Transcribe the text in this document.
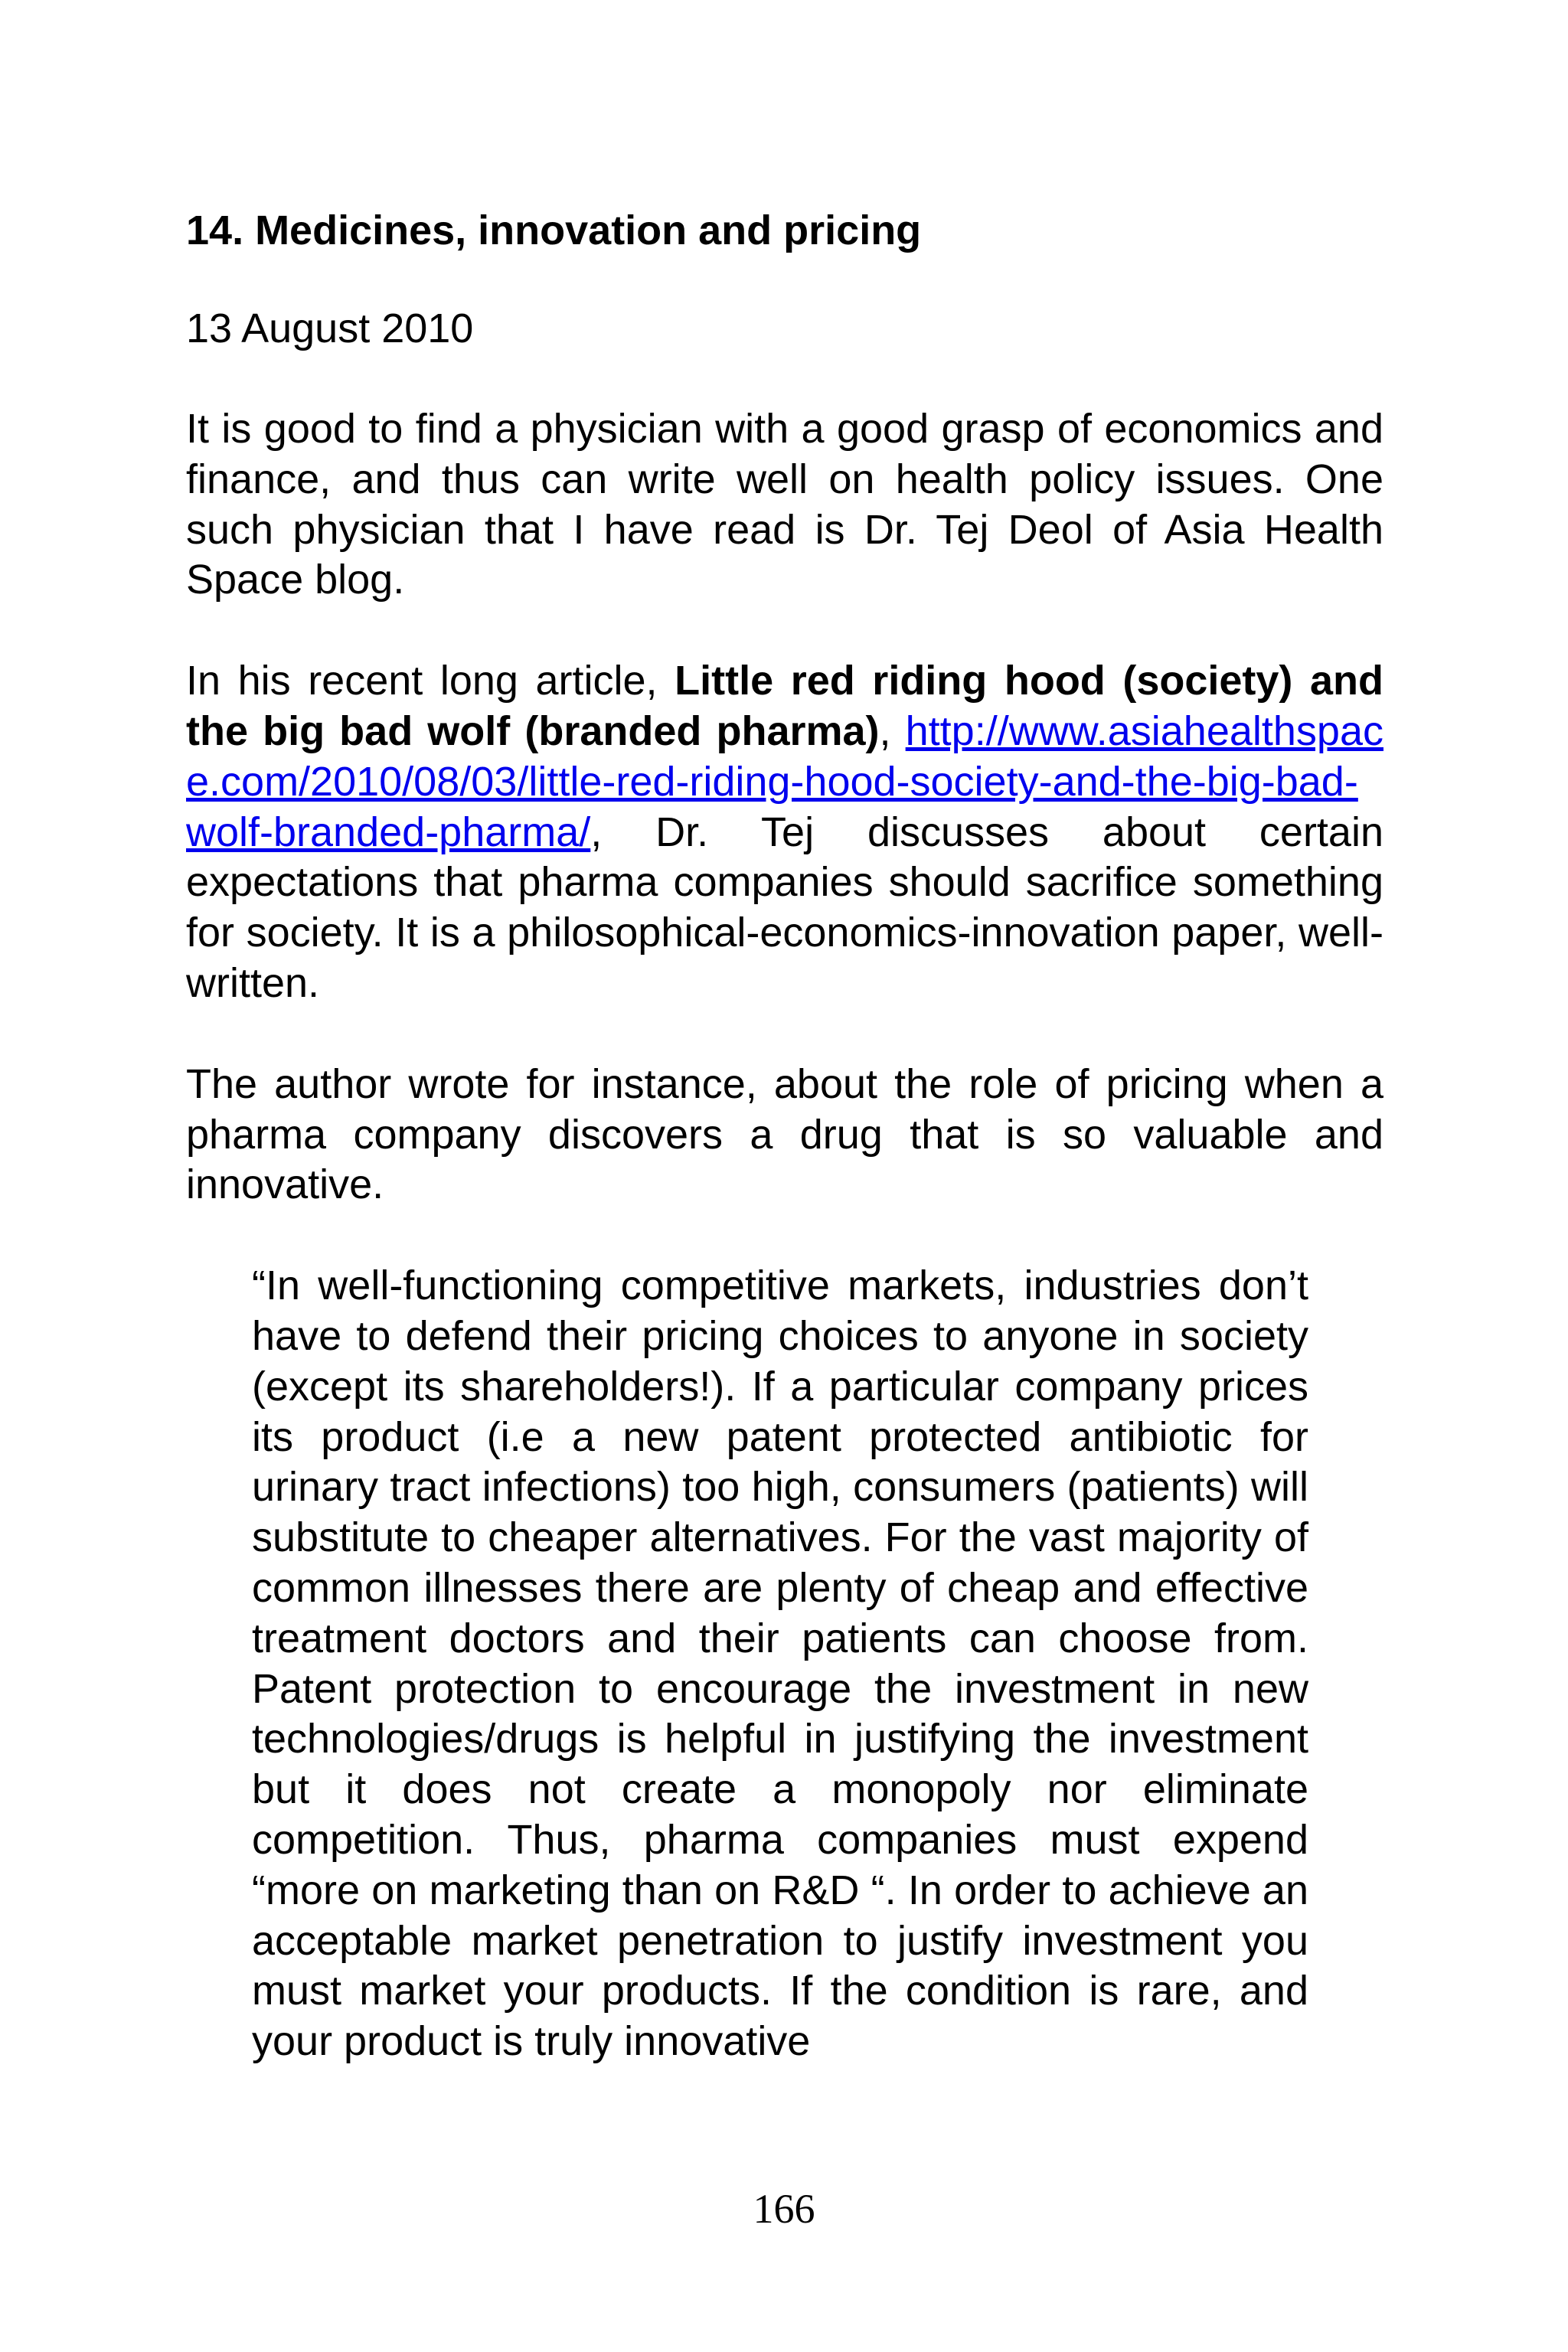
14. Medicines, innovation and pricing
13 August 2010

It is good to find a physician with a good grasp of economics and finance, and thus can write well on health policy issues. One such physician that I have read is Dr. Tej Deol of Asia Health Space blog.

In his recent long article, Little red riding hood (society) and the big bad wolf (branded pharma), http://www.asiahealthspace.com/2010/08/03/little-red-riding-hood-society-and-the-big-bad-wolf-branded-pharma/, Dr. Tej discusses about certain expectations that pharma companies should sacrifice something for society. It is a philosophical-economics-innovation paper, well-written.

The author wrote for instance, about the role of pricing when a pharma company discovers a drug that is so valuable and innovative.

“In well-functioning competitive markets, industries don’t have to defend their pricing choices to anyone in society (except its shareholders!). If a particular company prices its product (i.e a new patent protected antibiotic for urinary tract infections) too high, consumers (patients) will substitute to cheaper alternatives. For the vast majority of common illnesses there are plenty of cheap and effective treatment doctors and their patients can choose from. Patent protection to encourage the investment in new technologies/drugs is helpful in justifying the investment but it does not create a monopoly nor eliminate competition. Thus, pharma companies must expend “more on marketing than on R&D “. In order to achieve an acceptable market penetration to justify investment you must market your products. If the condition is rare, and your product is truly innovative

166
